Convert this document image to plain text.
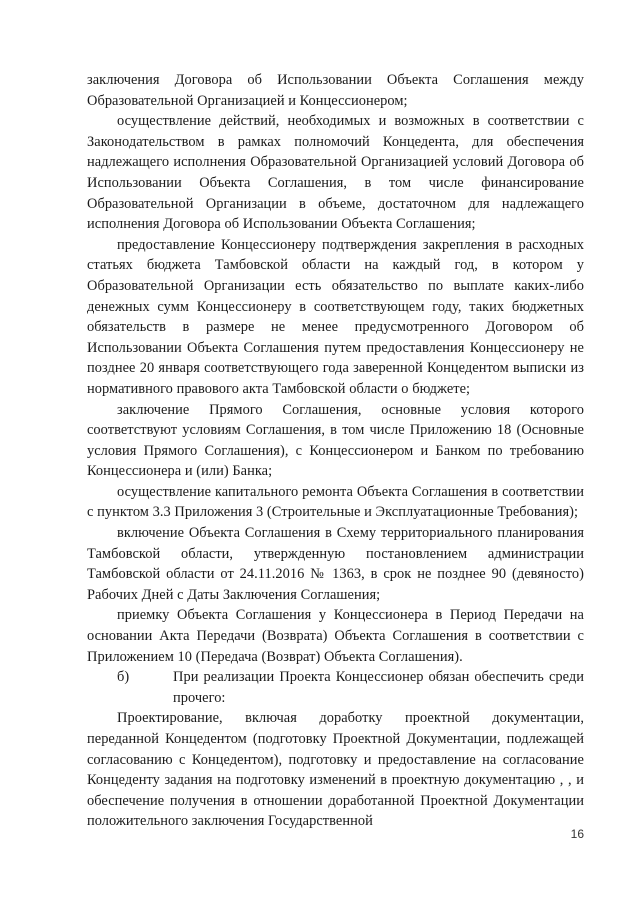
заключения Договора об Использовании Объекта Соглашения между Образовательной Организацией и Концессионером;

осуществление действий, необходимых и возможных в соответствии с Законодательством в рамках полномочий Концедента, для обеспечения надлежащего исполнения Образовательной Организацией условий Договора об Использовании Объекта Соглашения, в том числе финансирование Образовательной Организации в объеме, достаточном для надлежащего исполнения Договора об Использовании Объекта Соглашения;

предоставление Концессионеру подтверждения закрепления в расходных статьях бюджета Тамбовской области на каждый год, в котором у Образовательной Организации есть обязательство по выплате каких-либо денежных сумм Концессионеру в соответствующем году, таких бюджетных обязательств в размере не менее предусмотренного Договором об Использовании Объекта Соглашения путем предоставления Концессионеру не позднее 20 января соответствующего года заверенной Концедентом выписки из нормативного правового акта Тамбовской области о бюджете;

заключение Прямого Соглашения, основные условия которого соответствуют условиям Соглашения, в том числе Приложению 18 (Основные условия Прямого Соглашения), с Концессионером и Банком по требованию Концессионера и (или) Банка;

осуществление капитального ремонта Объекта Соглашения в соответствии с пунктом 3.3 Приложения 3 (Строительные и Эксплуатационные Требования);

включение Объекта Соглашения в Схему территориального планирования Тамбовской области, утвержденную постановлением администрации Тамбовской области от 24.11.2016 № 1363, в срок не позднее 90 (девяносто) Рабочих Дней с Даты Заключения Соглашения;

приемку Объекта Соглашения у Концессионера в Период Передачи на основании Акта Передачи (Возврата) Объекта Соглашения в соответствии с Приложением 10 (Передача (Возврат) Объекта Соглашения).

б)	При реализации Проекта Концессионер обязан обеспечить среди прочего:

Проектирование, включая доработку проектной документации, переданной Концедентом (подготовку Проектной Документации, подлежащей согласованию с Концедентом), подготовку и предоставление на согласование Концеденту задания на подготовку изменений в проектную документацию , , и обеспечение получения в отношении доработанной Проектной Документации положительного заключения Государственной

16
